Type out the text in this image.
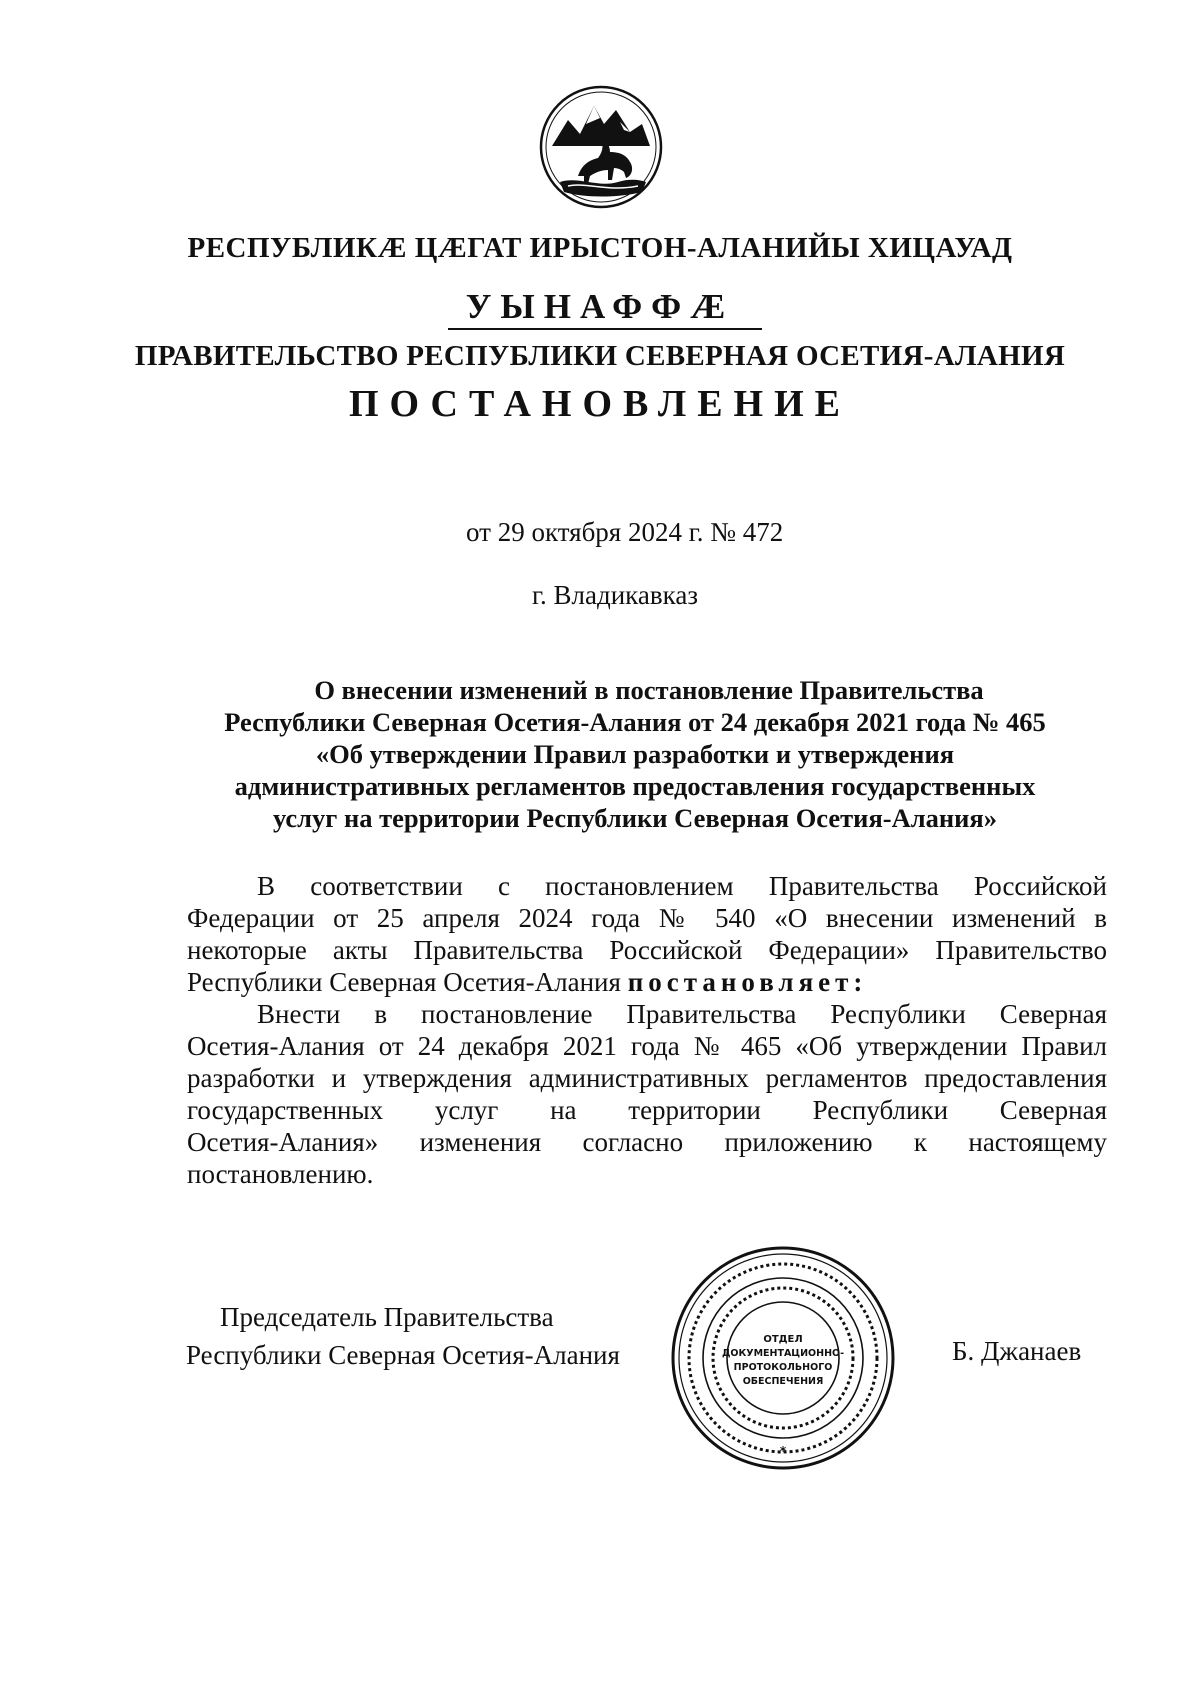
РЕСПУБЛИКӔ ЦӔГАТ ИРЫСТОН-АЛАНИЙЫ ХИЦАУАД
УЫНАФФӔ
ПРАВИТЕЛЬСТВО РЕСПУБЛИКИ СЕВЕРНАЯ ОСЕТИЯ-АЛАНИЯ
ПОСТАНОВЛЕНИЕ
от 29 октября 2024 г. № 472
г. Владикавказ
О внесении изменений в постановление Правительства
Республики Северная Осетия-Алания от 24 декабря 2021 года № 465
«Об утверждении Правил разработки и утверждения
административных регламентов предоставления государственных
услуг на территории Республики Северная Осетия-Алания»
В соответствии с постановлением Правительства Российской
Федерации от 25 апреля 2024 года № 540 «О внесении изменений в
некоторые акты Правительства Российской Федерации» Правительство
Республики Северная Осетия-Алания постановляет:
Внести в постановление Правительства Республики Северная
Осетия-Алания от 24 декабря 2021 года № 465 «Об утверждении Правил
разработки и утверждения административных регламентов предоставления
государственных услуг на территории Республики Северная
Осетия-Алания» изменения согласно приложению к настоящему
постановлению.
Председатель Правительства
Республики Северная Осетия-Алания
ОТДЕЛ
ДОКУМЕНТАЦИОННО-
ПРОТОКОЛЬНОГО
ОБЕСПЕЧЕНИЯ
*
Б. Джанаев
